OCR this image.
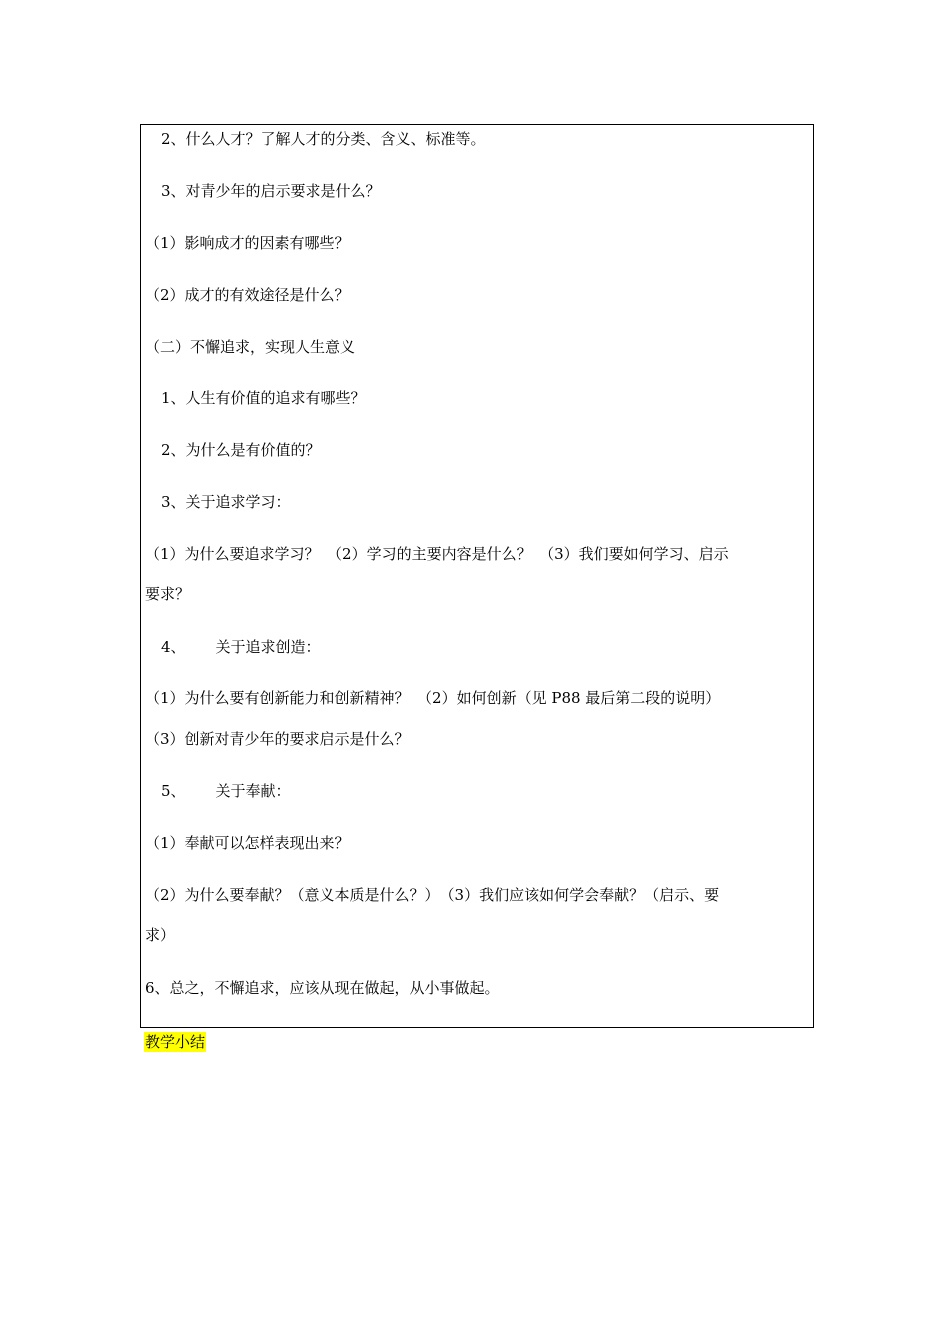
2、什么人才？了解人才的分类、含义、标准等。
3、对青少年的启示要求是什么？
（1）影响成才的因素有哪些？
（2）成才的有效途径是什么？
（二）不懈追求，实现人生意义
1、人生有价值的追求有哪些？
2、为什么是有价值的？
3、关于追求学习：
（1）为什么要追求学习？　（2）学习的主要内容是什么？　（3）我们要如何学习、启示
要求？
4、 关于追求创造：
（1）为什么要有创新能力和创新精神？　（2）如何创新（见 P88 最后第二段的说明）
（3）创新对青少年的要求启示是什么？
5、 关于奉献：
（1）奉献可以怎样表现出来？
（2）为什么要奉献？（意义本质是什么？）　（3）我们应该如何学会奉献？（启示、要
求）
6、总之，不懈追求，应该从现在做起，从小事做起。
教学小结
